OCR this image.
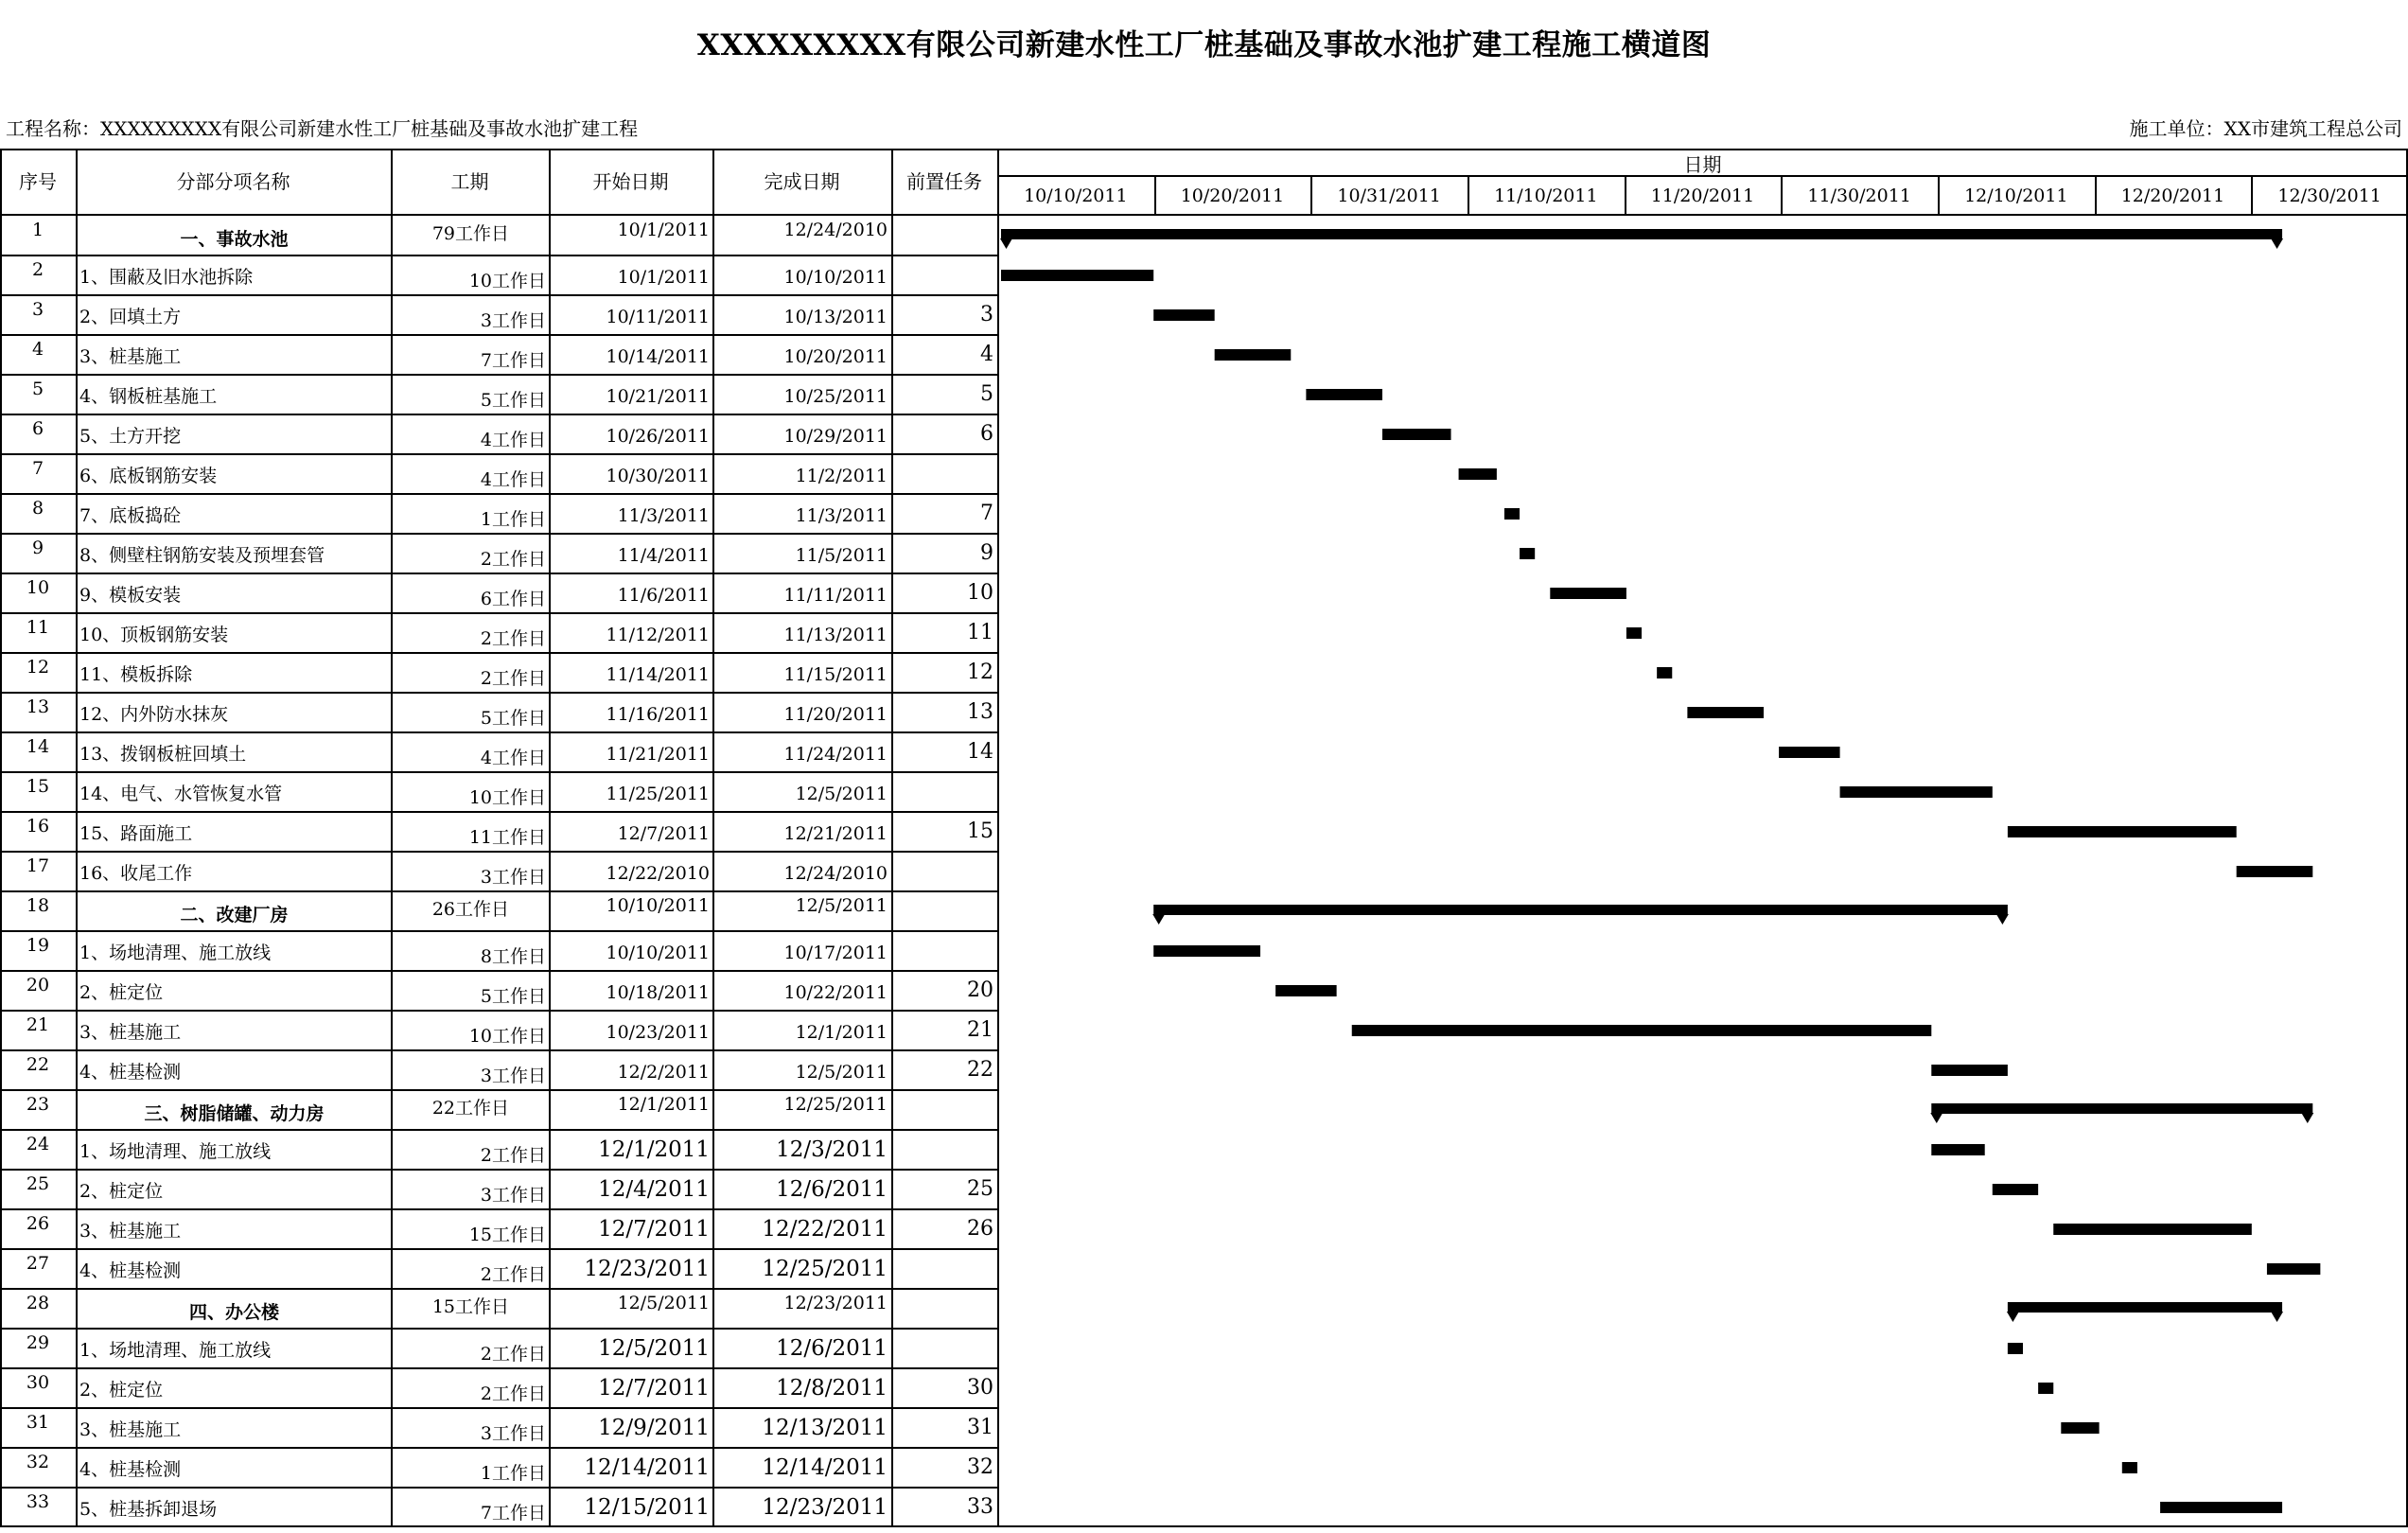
XXXXXXXXX有限公司新建水性工厂桩基础及事故水池扩建工程施工横道图
工程名称：XXXXXXXXX有限公司新建水性工厂桩基础及事故水池扩建工程	施工单位：XX市建筑工程总公司
序号	分部分项名称	工期	开始日期	完成日期	前置任务
日期
10/10/2011	10/20/2011	10/31/2011	11/10/2011	11/20/2011	11/30/2011	12/10/2011	12/20/2011	12/30/2011
1	一、事故水池	79工作日	10/1/2011	12/24/2010
2	1、围蔽及旧水池拆除	10工作日	10/1/2011	10/10/2011
3	2、回填土方	3工作日	10/11/2011	10/13/2011	3
4	3、桩基施工	7工作日	10/14/2011	10/20/2011	4
5	4、钢板桩基施工	5工作日	10/21/2011	10/25/2011	5
6	5、土方开挖	4工作日	10/26/2011	10/29/2011	6
7	6、底板钢筋安装	4工作日	10/30/2011	11/2/2011
8	7、底板捣砼	1工作日	11/3/2011	11/3/2011	7
9	8、侧壁柱钢筋安装及预埋套管	2工作日	11/4/2011	11/5/2011	9
10	9、模板安装	6工作日	11/6/2011	11/11/2011	10
11	10、顶板钢筋安装	2工作日	11/12/2011	11/13/2011	11
12	11、模板拆除	2工作日	11/14/2011	11/15/2011	12
13	12、内外防水抹灰	5工作日	11/16/2011	11/20/2011	13
14	13、拨钢板桩回填土	4工作日	11/21/2011	11/24/2011	14
15	14、电气、水管恢复水管	10工作日	11/25/2011	12/5/2011
16	15、路面施工	11工作日	12/7/2011	12/21/2011	15
17	16、收尾工作	3工作日	12/22/2010	12/24/2010
18	二、改建厂房	26工作日	10/10/2011	12/5/2011
19	1、场地清理、施工放线	8工作日	10/10/2011	10/17/2011
20	2、桩定位	5工作日	10/18/2011	10/22/2011	20
21	3、桩基施工	10工作日	10/23/2011	12/1/2011	21
22	4、桩基检测	3工作日	12/2/2011	12/5/2011	22
23	三、树脂储罐、动力房	22工作日	12/1/2011	12/25/2011
24	1、场地清理、施工放线	2工作日	12/1/2011	12/3/2011
25	2、桩定位	3工作日	12/4/2011	12/6/2011	25
26	3、桩基施工	15工作日	12/7/2011	12/22/2011	26
27	4、桩基检测	2工作日	12/23/2011	12/25/2011
28	四、办公楼	15工作日	12/5/2011	12/23/2011
29	1、场地清理、施工放线	2工作日	12/5/2011	12/6/2011
30	2、桩定位	2工作日	12/7/2011	12/8/2011	30
31	3、桩基施工	3工作日	12/9/2011	12/13/2011	31
32	4、桩基检测	1工作日	12/14/2011	12/14/2011	32
33	5、桩基拆卸退场	7工作日	12/15/2011	12/23/2011	33
